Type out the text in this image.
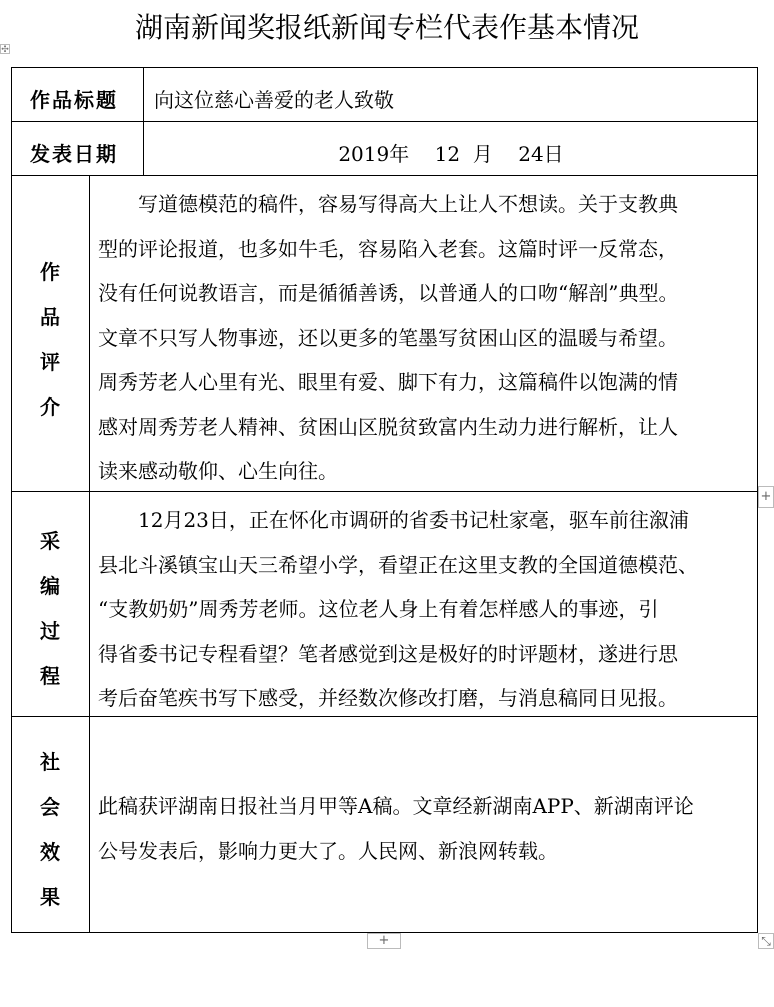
湖南新闻奖报纸新闻专栏代表作基本情况
✣
作品标题 向这位慈心善爱的老人致敬
发表日期	2019年    12  月    24日
作
品
评
介
　　写道德模范的稿件，容易写得高大上让人不想读。关于支教典
型的评论报道，也多如牛毛，容易陷入老套。这篇时评一反常态，
没有任何说教语言，而是循循善诱，以普通人的口吻“解剖”典型。
文章不只写人物事迹，还以更多的笔墨写贫困山区的温暖与希望。
周秀芳老人心里有光、眼里有爱、脚下有力，这篇稿件以饱满的情
感对周秀芳老人精神、贫困山区脱贫致富内生动力进行解析，让人
读来感动敬仰、心生向往。
采
编
过
程
　　12月23日，正在怀化市调研的省委书记杜家毫，驱车前往溆浦
县北斗溪镇宝山天三希望小学，看望正在这里支教的全国道德模范、
“支教奶奶”周秀芳老师。这位老人身上有着怎样感人的事迹，引
得省委书记专程看望？笔者感觉到这是极好的时评题材，遂进行思
考后奋笔疾书写下感受，并经数次修改打磨，与消息稿同日见报。
社
会
效
果
此稿获评湖南日报社当月甲等A稿。文章经新湖南APP、新湖南评论
公号发表后，影响力更大了。人民网、新浪网转载。
+
+	⤡
